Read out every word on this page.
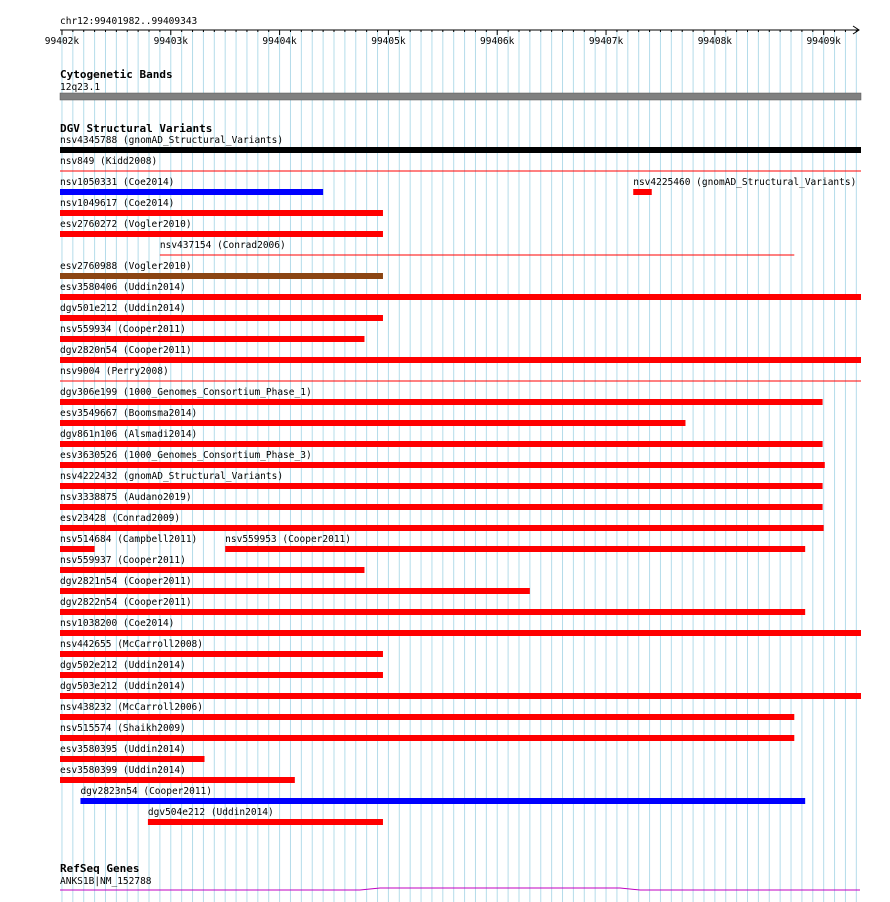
chr12:99401982..99409343
99402k	99403k	99404k	99405k	99406k	99407k	99408k	99409k
Cytogenetic Bands
12q23.1
DGV Structural Variants
nsv4345788 (gnomAD_Structural_Variants)
nsv849 (Kidd2008)
nsv1050331 (Coe2014)	nsv4225460 (gnomAD_Structural_Variants)
nsv1049617 (Coe2014)
esv2760272 (Vogler2010)
nsv437154 (Conrad2006)
esv2760988 (Vogler2010)
esv3580406 (Uddin2014)
dgv501e212 (Uddin2014)
nsv559934 (Cooper2011)
dgv2820n54 (Cooper2011)
nsv9004 (Perry2008)
dgv306e199 (1000_Genomes_Consortium_Phase_1)
esv3549667 (Boomsma2014)
dgv861n106 (Alsmadi2014)
esv3630526 (1000_Genomes_Consortium_Phase_3)
nsv4222432 (gnomAD_Structural_Variants)
nsv3338875 (Audano2019)
esv23428 (Conrad2009)
nsv514684 (Campbell2011)	nsv559953 (Cooper2011)
nsv559937 (Cooper2011)
dgv2821n54 (Cooper2011)
dgv2822n54 (Cooper2011)
nsv1038200 (Coe2014)
nsv442655 (McCarroll2008)
dgv502e212 (Uddin2014)
dgv503e212 (Uddin2014)
nsv438232 (McCarroll2006)
nsv515574 (Shaikh2009)
esv3580395 (Uddin2014)
esv3580399 (Uddin2014)
dgv2823n54 (Cooper2011)
dgv504e212 (Uddin2014)
RefSeq Genes
ANKS1B|NM_152788
